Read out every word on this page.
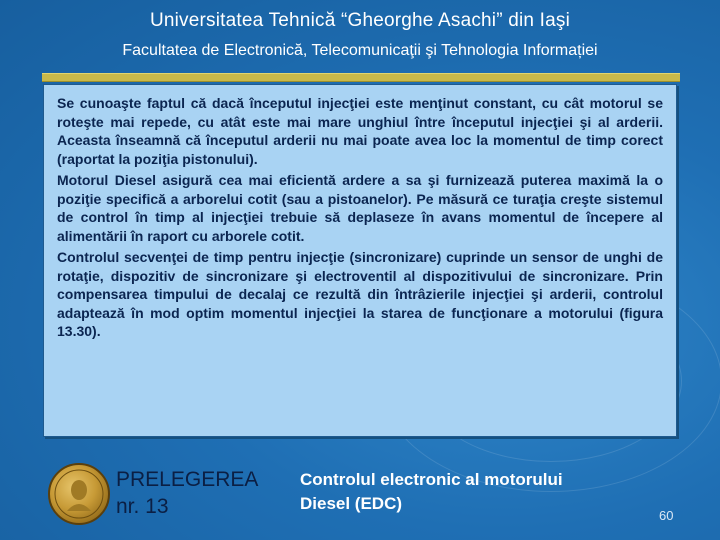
Universitatea Tehnică “Gheorghe Asachi” din Iaşi
Facultatea de Electronică, Telecomunicaţii şi Tehnologia Informației

Se cunoaşte faptul că dacă începutul injecţiei este menţinut constant, cu cât motorul se roteşte mai repede, cu atât este mai mare unghiul între începutul injecţiei şi al arderii. Aceasta înseamnă că începutul arderii nu mai poate avea loc la momentul de timp corect (raportat la poziţia pistonului).

Motorul Diesel asigură cea mai eficientă ardere a sa şi furnizează puterea maximă la o poziţie specifică a arborelui cotit (sau a pistoanelor). Pe măsură ce turaţia creşte sistemul de control în timp al injecţiei trebuie să deplaseze în avans momentul de începere al alimentării în raport cu arborele cotit.

Controlul secvenţei de timp pentru injecţie (sincronizare) cuprinde un sensor de unghi de rotaţie, dispozitiv de sincronizare şi electroventil al dispozitivului de sincronizare. Prin compensarea timpului de decalaj ce rezultă din întrâzierile injecţiei şi arderii, controlul adaptează în mod optim momentul injecţiei la starea de funcţionare a motorului (figura 13.30).

PRELEGEREA
nr. 13
Controlul electronic al motorului
Diesel (EDC)
60
